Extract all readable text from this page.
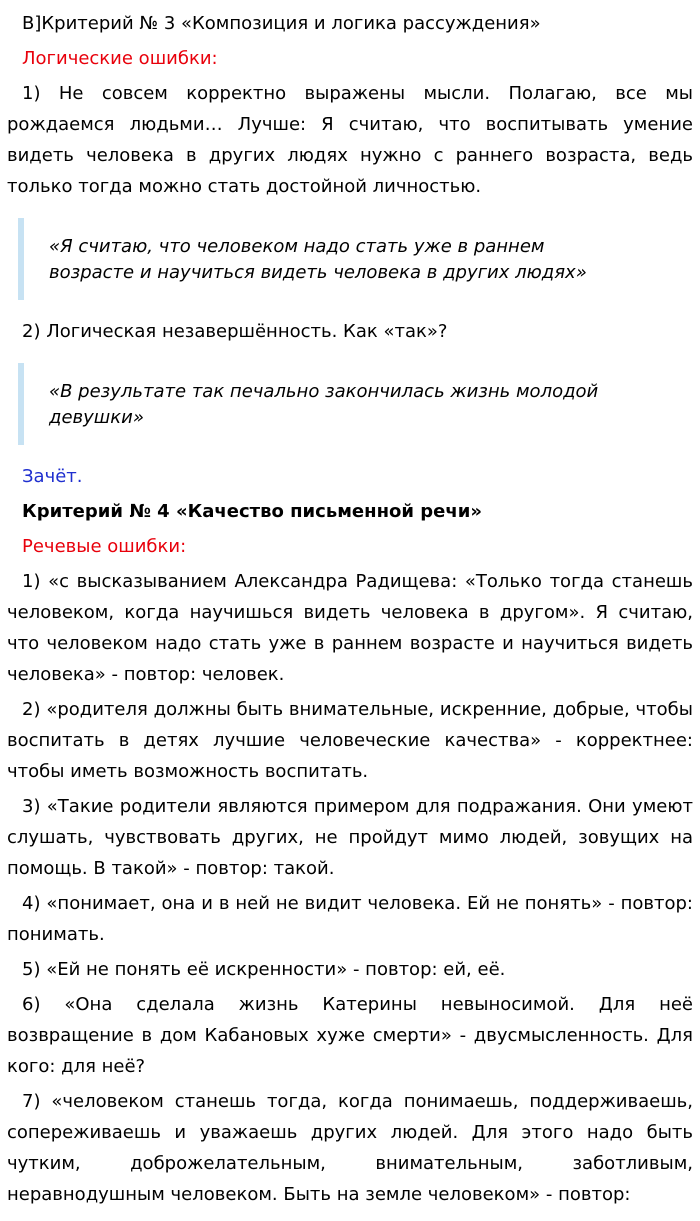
В]Критерий № 3 «Композиция и логика рассуждения»

Логические ошибки:

1) Не совсем корректно выражены мысли. Полагаю, все мы рождаемся людьми… Лучше: Я считаю, что воспитывать умение видеть человека в других людях нужно с раннего возраста, ведь только тогда можно стать достойной личностью.

«Я считаю, что человеком надо стать уже в раннем возрасте и научиться видеть человека в других людях»

2) Логическая незавершённость. Как «так»?

«В результате так печально закончилась жизнь молодой девушки»

Зачёт.

Критерий № 4 «Качество письменной речи»

Речевые ошибки:

1) «с высказыванием Александра Радищева: «Только тогда станешь человеком, когда научишься видеть человека в другом». Я считаю, что человеком надо стать уже в раннем возрасте и научиться видеть человека» - повтор: человек.

2) «родителя должны быть внимательные, искренние, добрые, чтобы воспитать в детях лучшие человеческие качества» - корректнее: чтобы иметь возможность воспитать.

3) «Такие родители являются примером для подражания. Они умеют слушать, чувствовать других, не пройдут мимо людей, зовущих на помощь. В такой» - повтор: такой.

4) «понимает, она и в ней не видит человека. Ей не понять» - повтор: понимать.

5) «Ей не понять её искренности» - повтор: ей, её.

6) «Она сделала жизнь Катерины невыносимой. Для неё возвращение в дом Кабановых хуже смерти» - двусмысленность. Для кого: для неё?

7) «человеком станешь тогда, когда понимаешь, поддерживаешь, сопереживаешь и уважаешь других людей. Для этого надо быть чутким, доброжелательным, внимательным, заботливым, неравнодушным человеком. Быть на земле человеком» - повтор:
